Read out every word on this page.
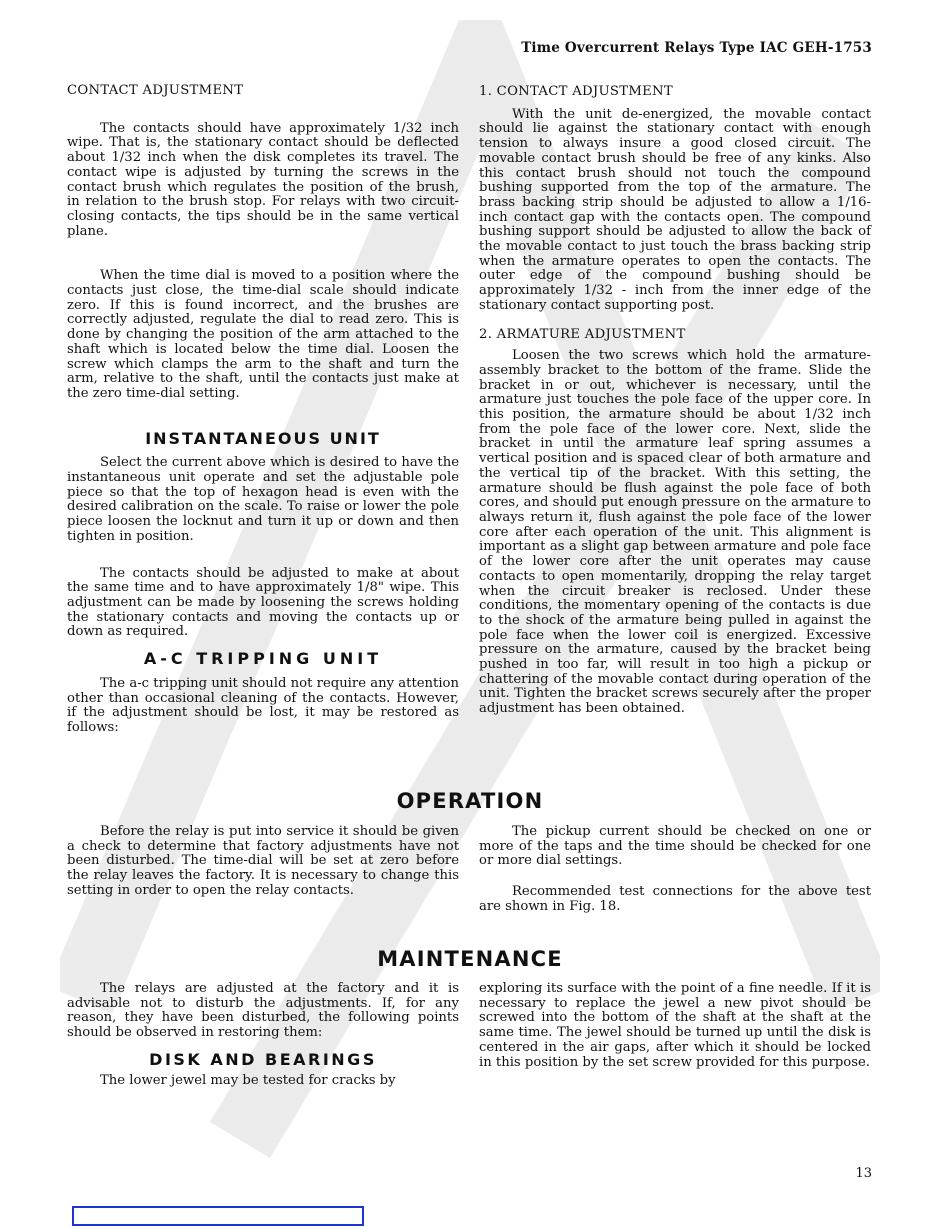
Time Overcurrent Relays Type IAC GEH-1753
CONTACT ADJUSTMENT

The contacts should have approximately 1/32 inch wipe. That is, the stationary contact should be deflected about 1/32 inch when the disk completes its travel. The contact wipe is adjusted by turning the screws in the contact brush which regulates the position of the brush, in relation to the brush stop. For relays with two circuit-closing contacts, the tips should be in the same vertical plane.

When the time dial is moved to a position where the contacts just close, the time-dial scale should indicate zero. If this is found incorrect, and the brushes are correctly adjusted, regulate the dial to read zero. This is done by changing the position of the arm attached to the shaft which is located below the time dial. Loosen the screw which clamps the arm to the shaft and turn the arm, relative to the shaft, until the contacts just make at the zero time-dial setting.

INSTANTANEOUS UNIT

Select the current above which is desired to have the instantaneous unit operate and set the adjustable pole piece so that the top of hexagon head is even with the desired calibration on the scale. To raise or lower the pole piece loosen the locknut and turn it up or down and then tighten in position.

The contacts should be adjusted to make at about the same time and to have approximately 1/8" wipe. This adjustment can be made by loosening the screws holding the stationary contacts and moving the contacts up or down as required.

A-C TRIPPING UNIT

The a-c tripping unit should not require any attention other than occasional cleaning of the contacts. However, if the adjustment should be lost, it may be restored as follows:

1. CONTACT ADJUSTMENT

With the unit de-energized, the movable contact should lie against the stationary contact with enough tension to always insure a good closed circuit. The movable contact brush should be free of any kinks. Also this contact brush should not touch the compound bushing supported from the top of the armature. The brass backing strip should be adjusted to allow a 1/16-inch contact gap with the contacts open. The compound bushing support should be adjusted to allow the back of the movable contact to just touch the brass backing strip when the armature operates to open the contacts. The outer edge of the compound bushing should be approximately 1/32 - inch from the inner edge of the stationary contact supporting post.

2. ARMATURE ADJUSTMENT

Loosen the two screws which hold the armature-assembly bracket to the bottom of the frame. Slide the bracket in or out, whichever is necessary, until the armature just touches the pole face of the upper core. In this position, the armature should be about 1/32 inch from the pole face of the lower core. Next, slide the bracket in until the armature leaf spring assumes a vertical position and is spaced clear of both armature and the vertical tip of the bracket. With this setting, the armature should be flush against the pole face of both cores, and should put enough pressure on the armature to always return it, flush against the pole face of the lower core after each operation of the unit. This alignment is important as a slight gap between armature and pole face of the lower core after the unit operates may cause contacts to open momentarily, dropping the relay target when the circuit breaker is reclosed. Under these conditions, the momentary opening of the contacts is due to the shock of the armature being pulled in against the pole face when the lower coil is energized. Excessive pressure on the armature, caused by the bracket being pushed in too far, will result in too high a pickup or chattering of the movable contact during operation of the unit. Tighten the bracket screws securely after the proper adjustment has been obtained.

OPERATION

Before the relay is put into service it should be given a check to determine that factory adjustments have not been disturbed. The time-dial will be set at zero before the relay leaves the factory. It is necessary to change this setting in order to open the relay contacts.

The pickup current should be checked on one or more of the taps and the time should be checked for one or more dial settings.

Recommended test connections for the above test are shown in Fig. 18.

MAINTENANCE

The relays are adjusted at the factory and it is advisable not to disturb the adjustments. If, for any reason, they have been disturbed, the following points should be observed in restoring them:

DISK AND BEARINGS

The lower jewel may be tested for cracks by

exploring its surface with the point of a fine needle. If it is necessary to replace the jewel a new pivot should be screwed into the bottom of the shaft at the shaft at the same time. The jewel should be turned up until the disk is centered in the air gaps, after which it should be locked in this position by the set screw provided for this purpose.

13
